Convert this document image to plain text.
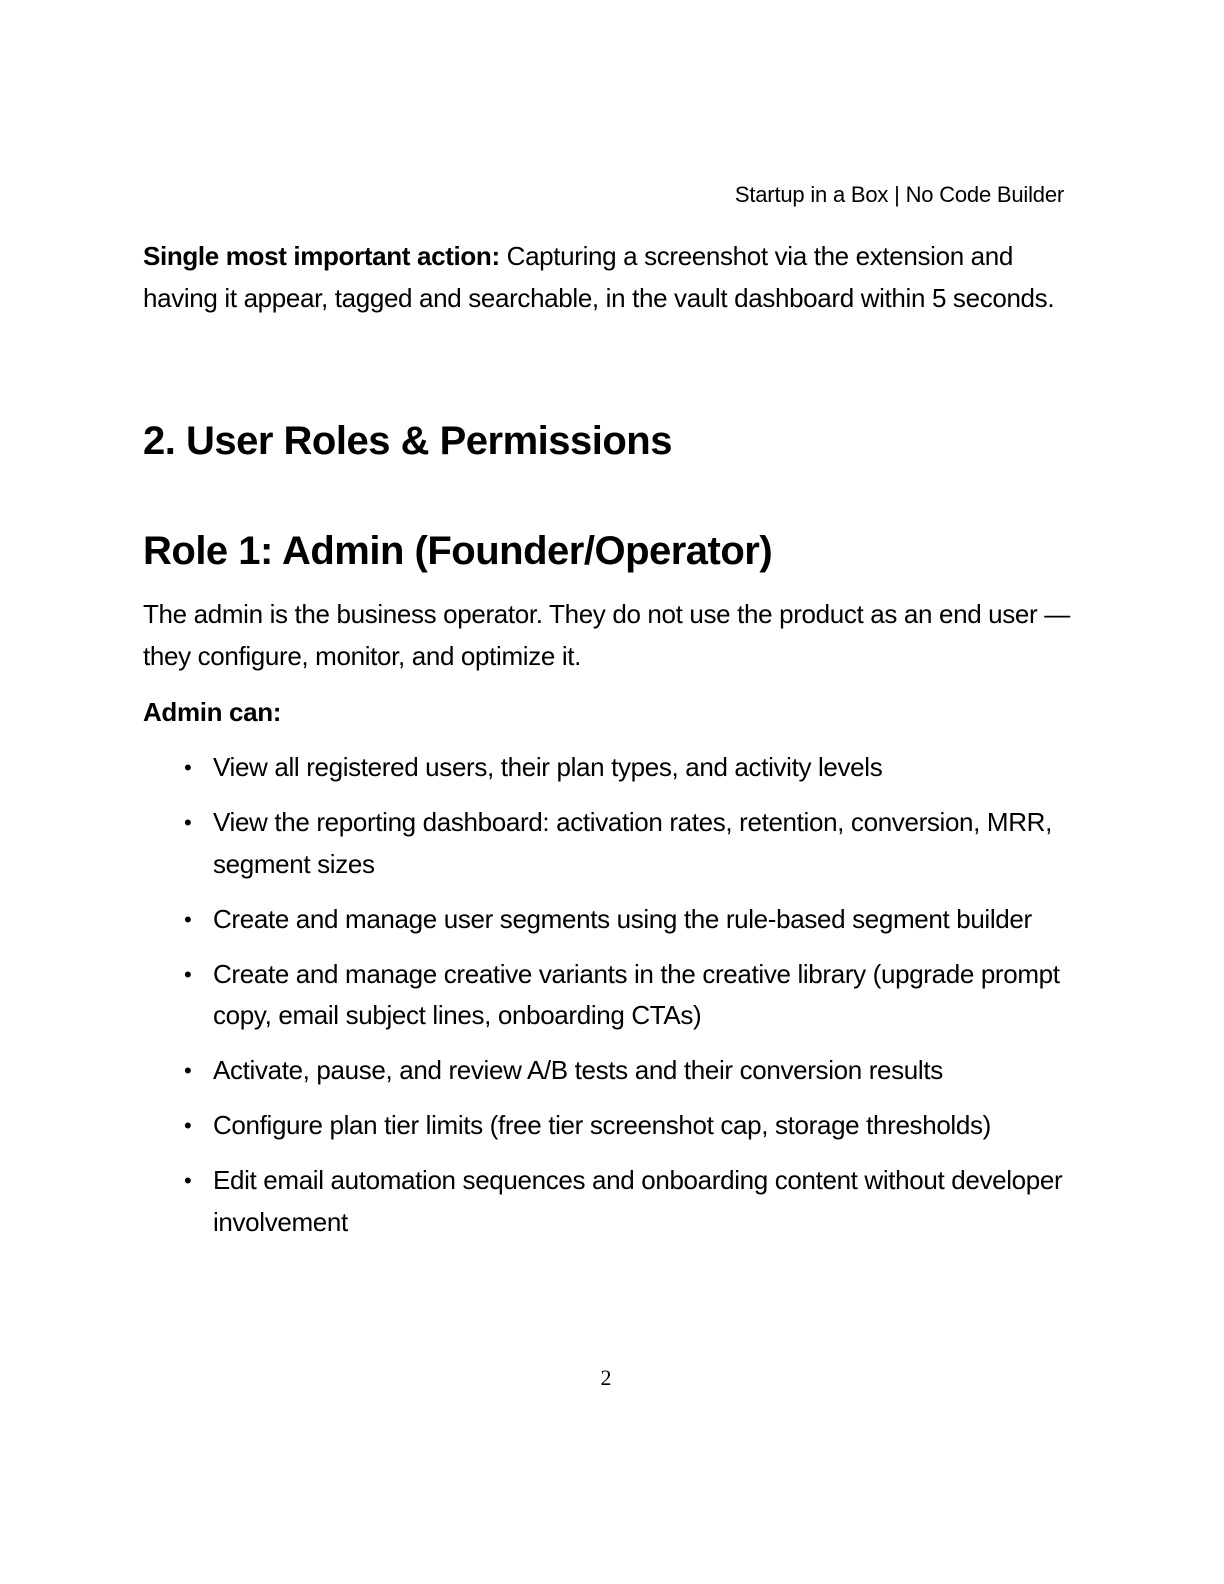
Startup in a Box | No Code Builder

Single most important action: Capturing a screenshot via the extension and having it appear, tagged and searchable, in the vault dashboard within 5 seconds.

2. User Roles & Permissions
Role 1: Admin (Founder/Operator)

The admin is the business operator. They do not use the product as an end user — they configure, monitor, and optimize it.

Admin can:

• View all registered users, their plan types, and activity levels
• View the reporting dashboard: activation rates, retention, conversion, MRR, segment sizes
• Create and manage user segments using the rule-based segment builder
• Create and manage creative variants in the creative library (upgrade prompt copy, email subject lines, onboarding CTAs)
• Activate, pause, and review A/B tests and their conversion results
• Configure plan tier limits (free tier screenshot cap, storage thresholds)
• Edit email automation sequences and onboarding content without developer involvement
2
